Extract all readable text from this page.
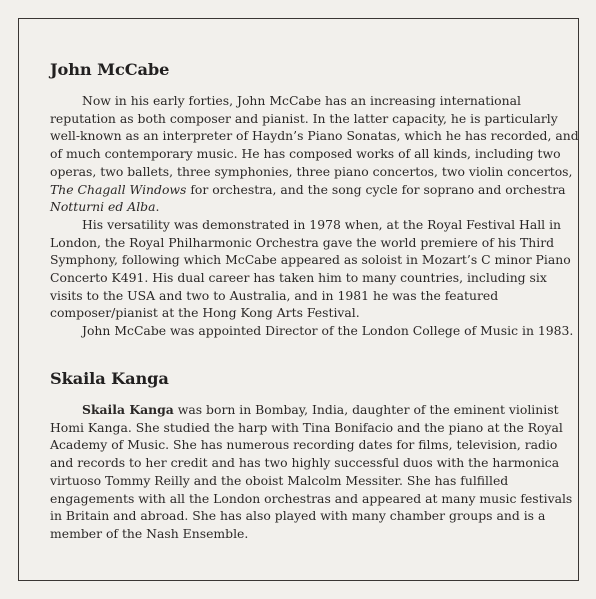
John McCabe
Now in his early forties, John McCabe has an increasing international reputation as both composer and pianist. In the latter capacity, he is particularly well-known as an interpreter of Haydn’s Piano Sonatas, which he has recorded, and of much contemporary music. He has composed works of all kinds, including two operas, two ballets, three symphonies, three piano concertos, two violin concertos, The Chagall Windows for orchestra, and the song cycle for soprano and orchestra Notturni ed Alba.
His versatility was demonstrated in 1978 when, at the Royal Festival Hall in London, the Royal Philharmonic Orchestra gave the world premiere of his Third Symphony, following which McCabe appeared as soloist in Mozart’s C minor Piano Concerto K491. His dual career has taken him to many countries, including six visits to the USA and two to Australia, and in 1981 he was the featured composer/pianist at the Hong Kong Arts Festival.
John McCabe was appointed Director of the London College of Music in 1983.
Skaila Kanga
Skaila Kanga was born in Bombay, India, daughter of the eminent violinist Homi Kanga. She studied the harp with Tina Bonifacio and the piano at the Royal Academy of Music. She has numerous recording dates for films, television, radio and records to her credit and has two highly successful duos with the harmonica virtuoso Tommy Reilly and the oboist Malcolm Messiter. She has fulfilled engagements with all the London orchestras and appeared at many music festivals in Britain and abroad. She has also played with many chamber groups and is a member of the Nash Ensemble.
